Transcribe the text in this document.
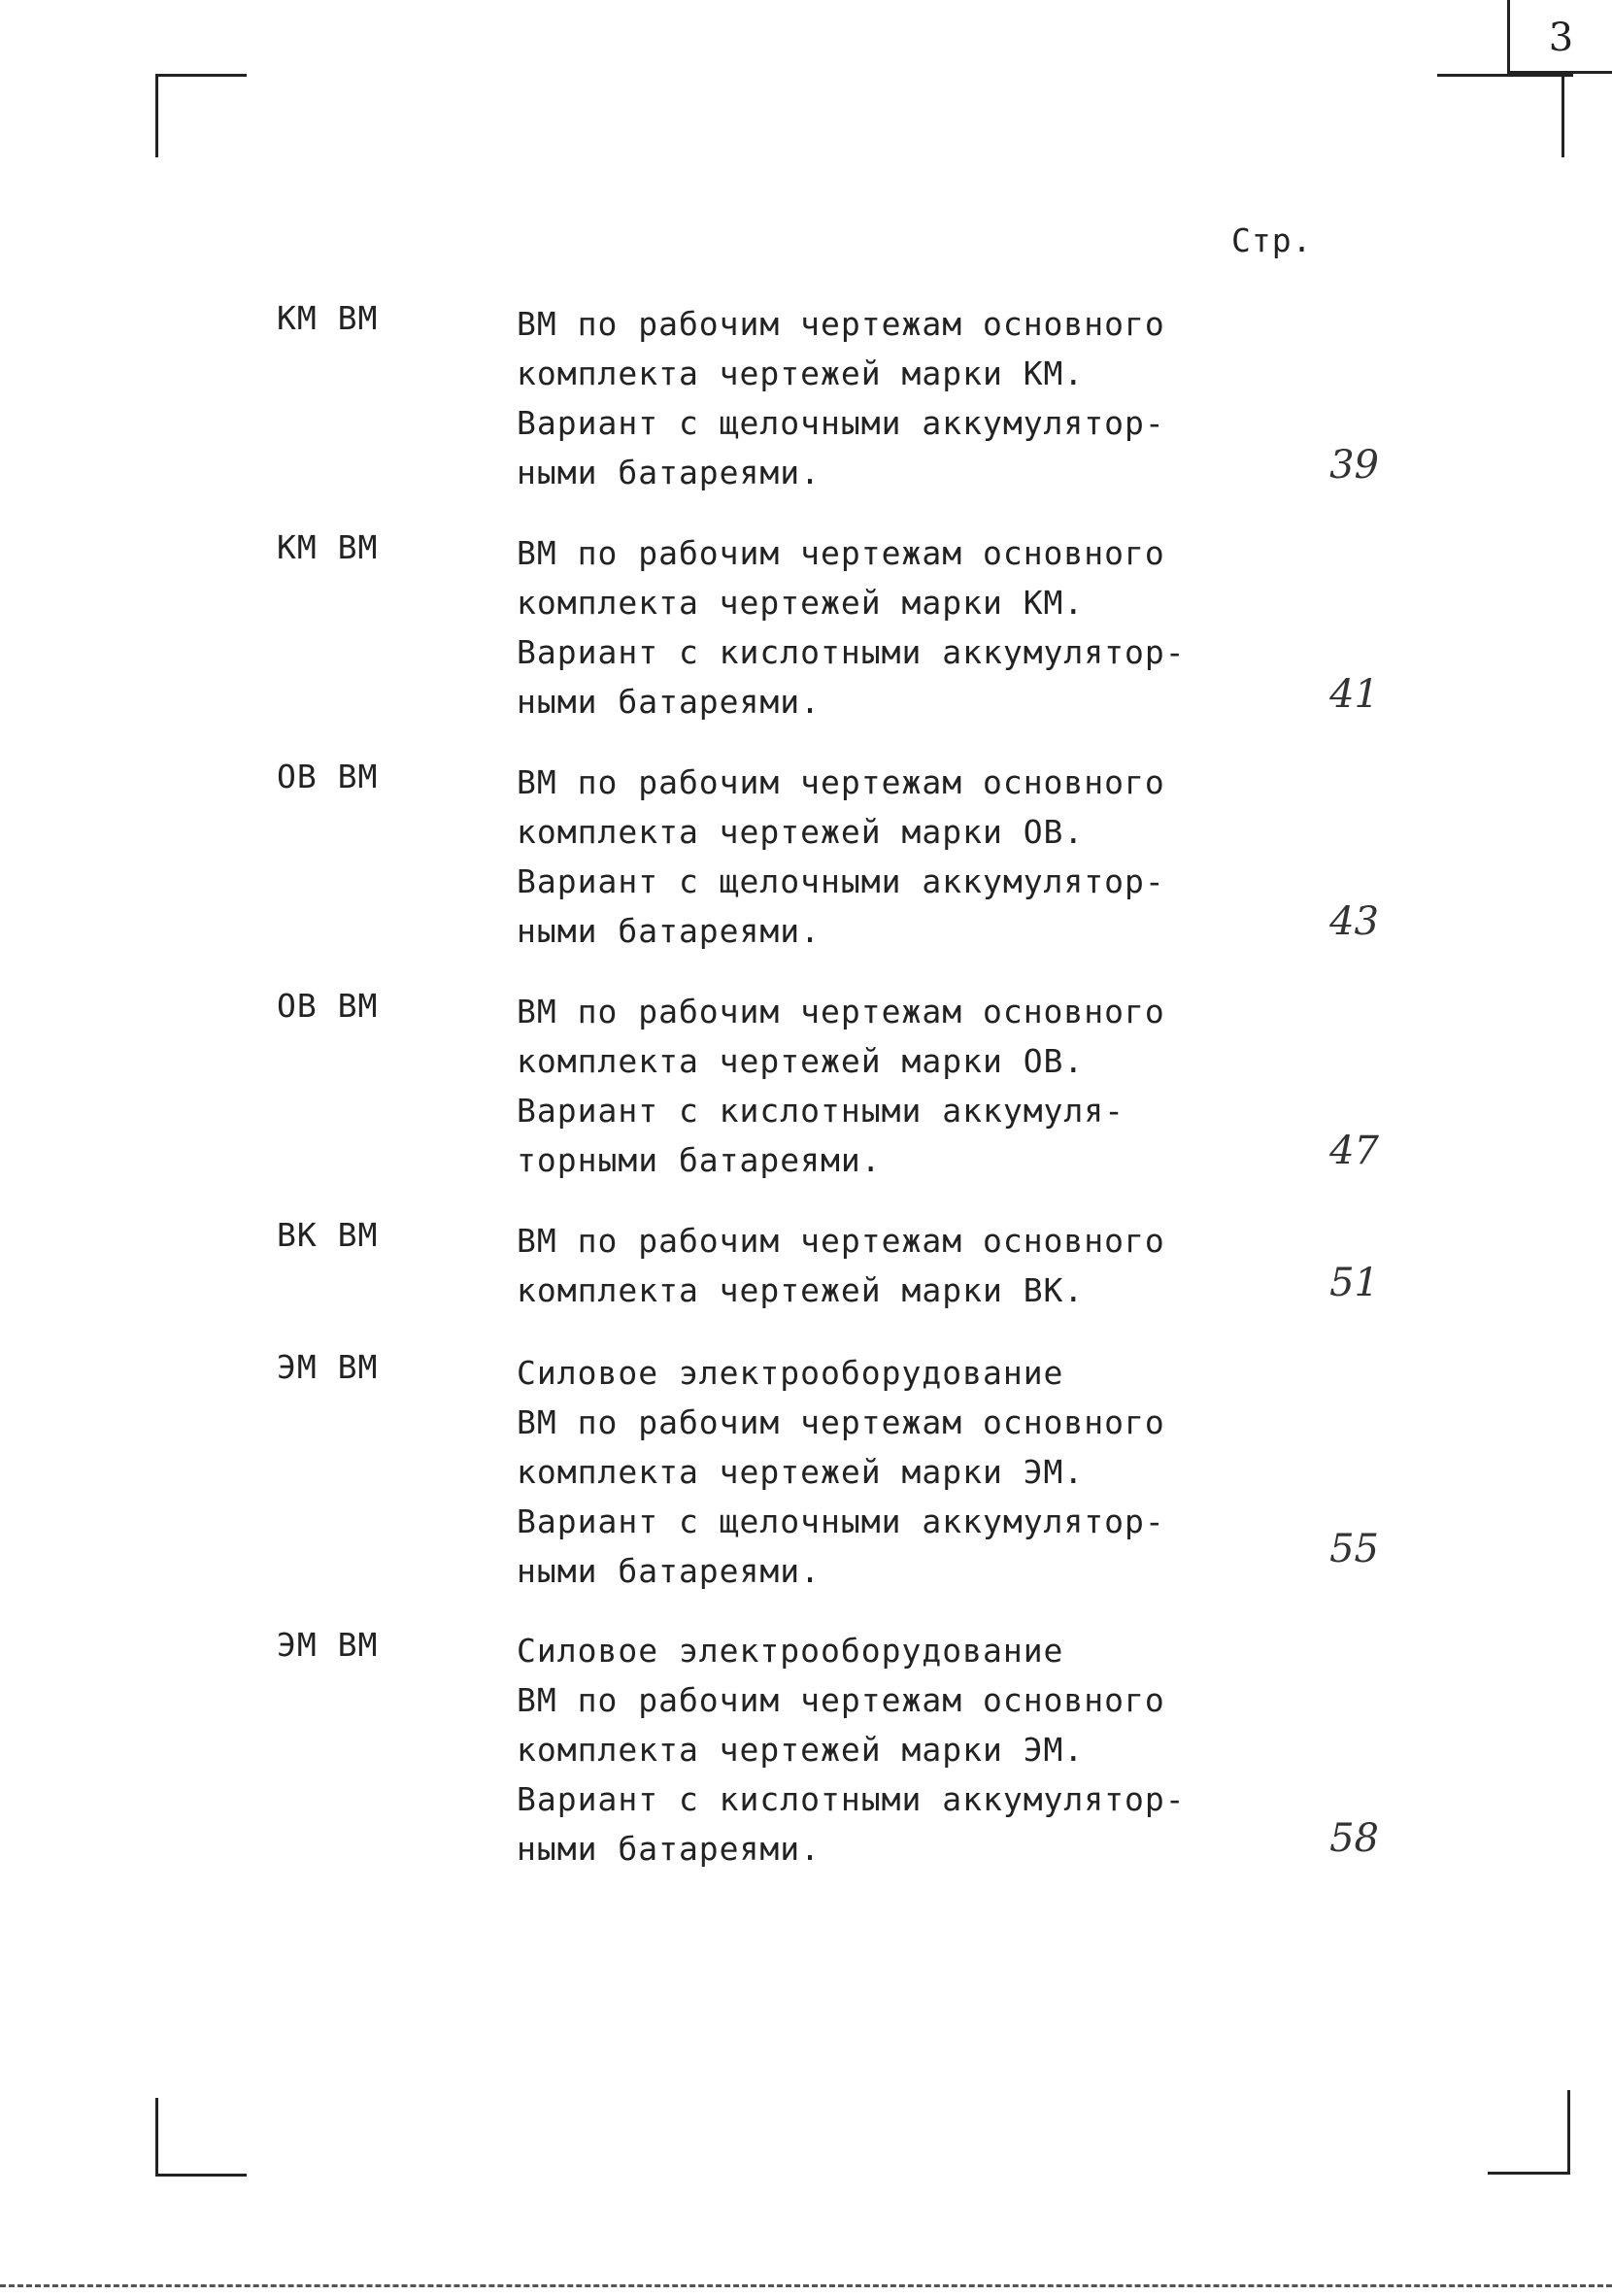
3
Стр.
КМ ВМ	ВМ по рабочим чертежам основного
комплекта чертежей марки КМ.
Вариант с щелочными аккумулятор-
ными батареями.	39
КМ ВМ	ВМ по рабочим чертежам основного
комплекта чертежей марки КМ.
Вариант с кислотными аккумулятор-
ными батареями.	41
ОВ ВМ	ВМ по рабочим чертежам основного
комплекта чертежей марки ОВ.
Вариант с щелочными аккумулятор-
ными батареями.	43
ОВ ВМ	ВМ по рабочим чертежам основного
комплекта чертежей марки ОВ.
Вариант с кислотными аккумуля-
торными батареями.	47
ВК ВМ	ВМ по рабочим чертежам основного
комплекта чертежей марки ВК.	51
ЭМ ВМ	Силовое электрооборудование
ВМ по рабочим чертежам основного
комплекта чертежей марки ЭМ.
Вариант с щелочными аккумулятор-
ными батареями.	55
ЭМ ВМ	Силовое электрооборудование
ВМ по рабочим чертежам основного
комплекта чертежей марки ЭМ.
Вариант с кислотными аккумулятор-
ными батареями.	58
